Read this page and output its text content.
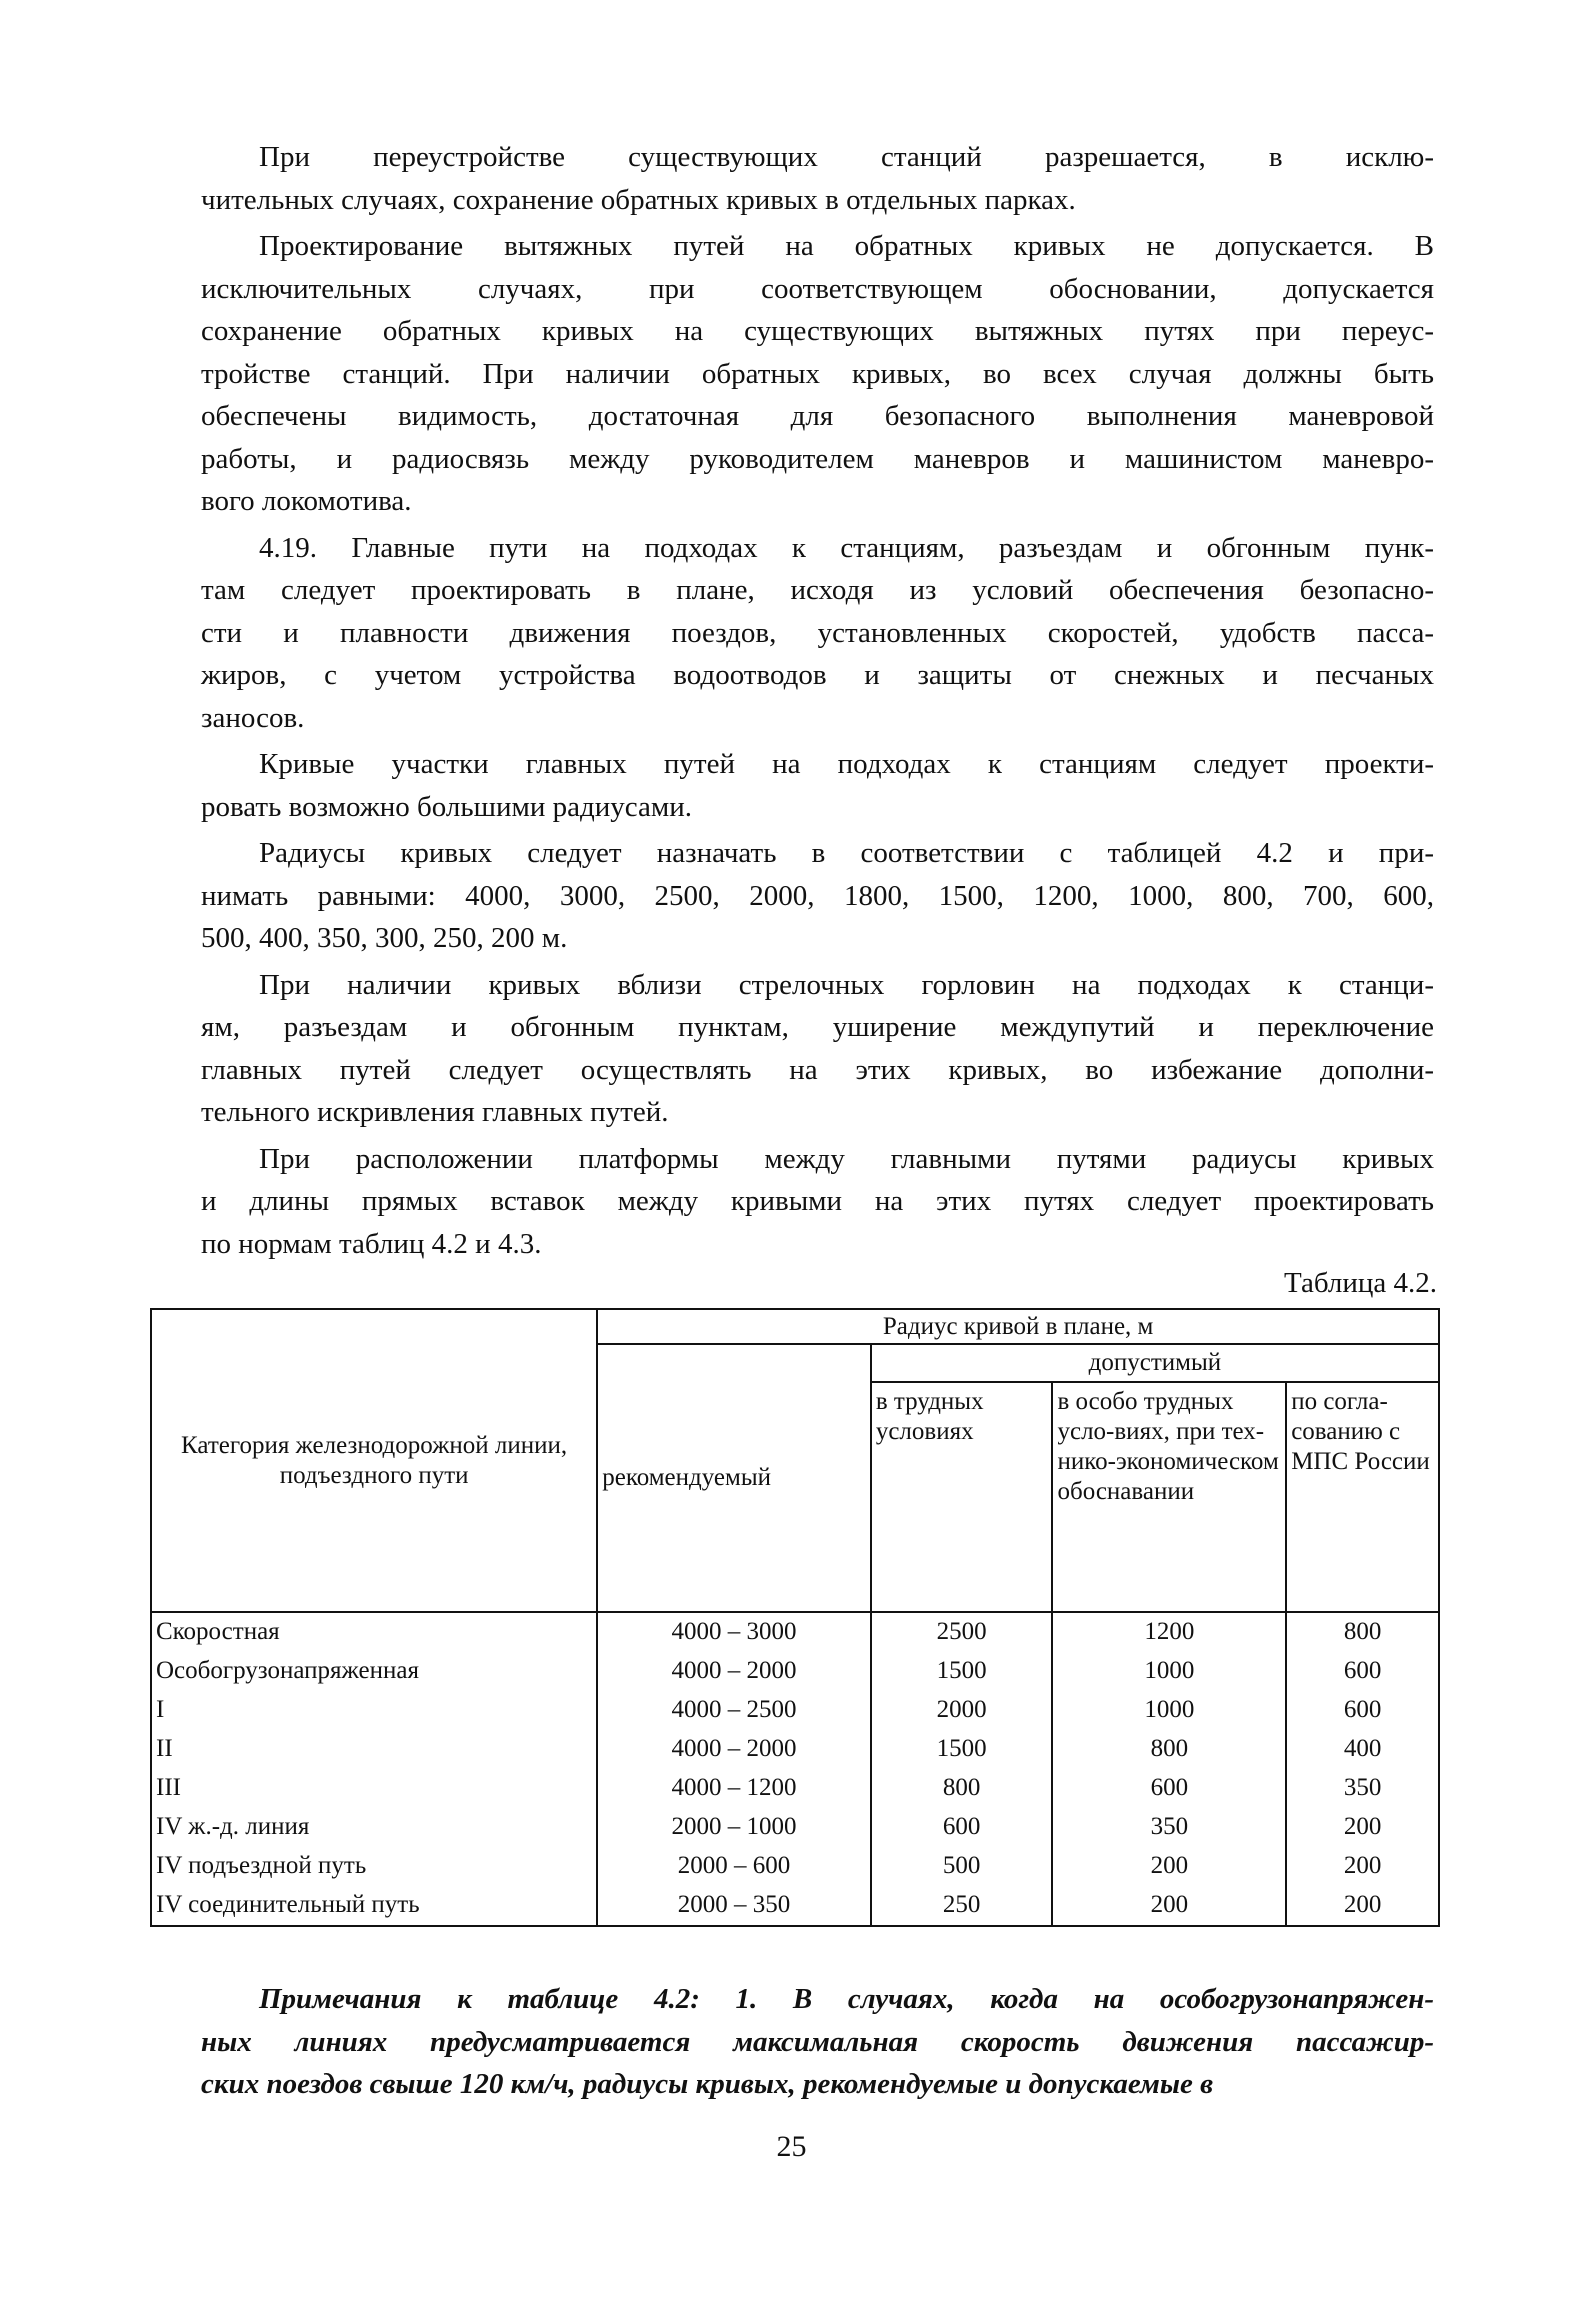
При переустройстве существующих станций разрешается, в исклю-
чительных случаях, сохранение обратных кривых в отдельных парках.
Проектирование вытяжных путей на обратных кривых не допускается. В
исключительных случаях, при соответствующем обосновании, допускается
сохранение обратных кривых на существующих вытяжных путях при переус-
тройстве станций. При наличии обратных кривых, во всех случая должны быть
обеспечены видимость, достаточная для безопасного выполнения маневровой
работы, и радиосвязь между руководителем маневров и машинистом маневро-
вого локомотива.
4.19. Главные пути на подходах к станциям, разъездам и обгонным пунк-
там следует проектировать в плане, исходя из условий обеспечения безопасно-
сти и плавности движения поездов, установленных скоростей, удобств пасса-
жиров, с учетом устройства водоотводов и защиты от снежных и песчаных
заносов.
Кривые участки главных путей на подходах к станциям следует проекти-
ровать возможно большими радиусами.
Радиусы кривых следует назначать в соответствии с таблицей 4.2 и при-
нимать равными: 4000, 3000, 2500, 2000, 1800, 1500, 1200, 1000, 800, 700, 600,
500, 400, 350, 300, 250, 200 м.
При наличии кривых вблизи стрелочных горловин на подходах к станци-
ям, разъездам и обгонным пунктам, уширение междупутий и переключение
главных путей следует осуществлять на этих кривых, во избежание дополни-
тельного искривления главных путей.
При расположении платформы между главными путями радиусы кривых
и длины прямых вставок между кривыми на этих путях следует проектировать
по нормам таблиц 4.2 и 4.3.
Таблица 4.2.
Категория железнодорожной линии, подъездного пути	Радиус кривой в плане, м			
	рекомендуемый	допустимый		
		в трудных условиях	в особо трудных усло-виях, при тех-нико-экономическом обоснавании	по согла-сованию с МПС России
Скоростная	4000 – 3000	2500	1200	800
Особогрузонапряженная	4000 – 2000	1500	1000	600
I	4000 – 2500	2000	1000	600
II	4000 – 2000	1500	800	400
III	4000 – 1200	800	600	350
IV ж.-д. линия	2000 – 1000	600	350	200
IV подъездной путь	2000 – 600	500	200	200
IV соединительный путь	2000 – 350	250	200	200
Примечания к таблице 4.2: 1. В случаях, когда на особогрузонапряжен-
ных линиях предусматривается максимальная скорость движения пассажир-
ских поездов свыше 120 км/ч, радиусы кривых, рекомендуемые и допускаемые в
25
